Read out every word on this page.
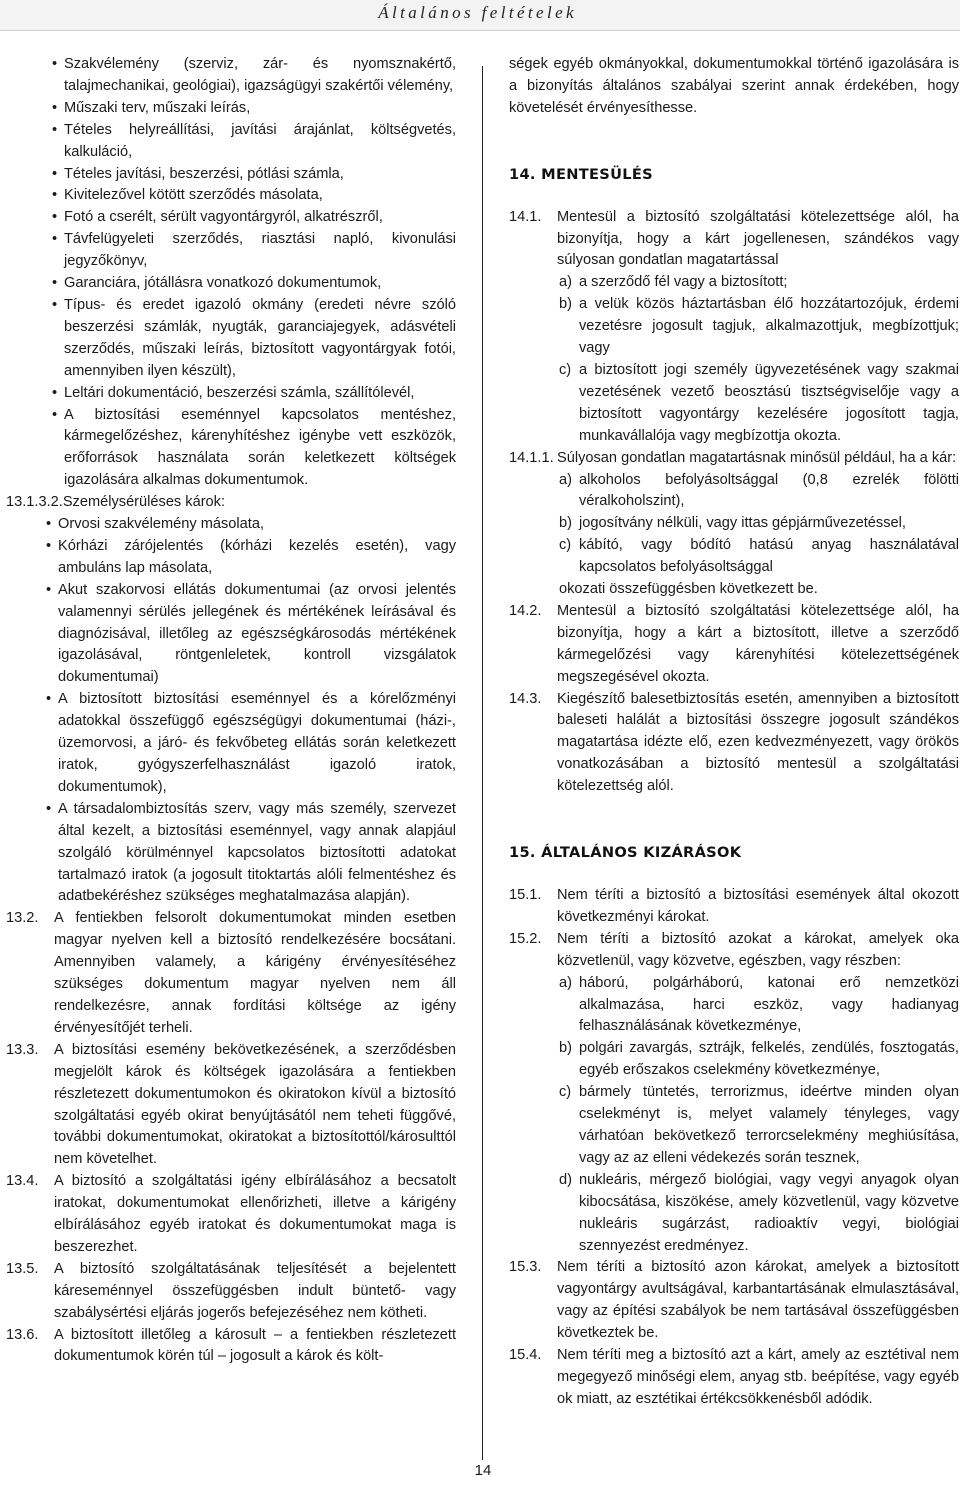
Általános feltételek
• Szakvélemény (szerviz, zár- és nyomsznakértő, talajmechanikai, geológiai), igazságügyi szakértői vélemény,
• Műszaki terv, műszaki leírás,
• Tételes helyreállítási, javítási árajánlat, költségvetés, kalkuláció,
• Tételes javítási, beszerzési, pótlási számla,
• Kivitelezővel kötött szerződés másolata,
• Fotó a cserélt, sérült vagyontárgyról, alkatrészről,
• Távfelügyeleti szerződés, riasztási napló, kivonulási jegyzőkönyv,
• Garanciára, jótállásra vonatkozó dokumentumok,
• Típus- és eredet igazoló okmány (eredeti névre szóló beszerzési számlák, nyugták, garanciajegyek, adásvételi szerződés, műszaki leírás, biztosított vagyontárgyak fotói, amennyiben ilyen készült),
• Leltári dokumentáció, beszerzési számla, szállítólevél,
• A biztosítási eseménnyel kapcsolatos mentéshez, kármegelőzéshez, kárenyhítéshez igénybe vett eszközök, erőforrások használata során keletkezett költségek igazolására alkalmas dokumentumok.
13.1.3.2. Személysérüléses károk:
• Orvosi szakvélemény másolata,
• Kórházi zárójelentés (kórházi kezelés esetén), vagy ambuláns lap másolata,
• Akut szakorvosi ellátás dokumentumai (az orvosi jelentés valamennyi sérülés jellegének és mértékének leírásával és diagnózisával, illetőleg az egészségkárosodás mértékének igazolásával, röntgenleletek, kontroll vizsgálatok dokumentumai)
• A biztosított biztosítási eseménnyel és a kórelőzményi adatokkal összefüggő egészségügyi dokumentumai (házi-, üzemorvosi, a járó- és fekvőbeteg ellátás során keletkezett iratok, gyógyszerfelhasználást igazoló iratok, dokumentumok),
• A társadalombiztosítás szerv, vagy más személy, szervezet által kezelt, a biztosítási eseménnyel, vagy annak alapjául szolgáló körülménnyel kapcsolatos biztosítotti adatokat tartalmazó iratok (a jogosult titoktartás alóli felmentéshez és adatbekéréshez szükséges meghatalmazása alapján).
13.2.	A fentiekben felsorolt dokumentumokat minden esetben magyar nyelven kell a biztosító rendelkezésére bocsátani. Amennyiben valamely, a kárigény érvényesítéséhez szükséges dokumentum magyar nyelven nem áll rendelkezésre, annak fordítási költsége az igény érvényesítőjét terheli.
13.3.	A biztosítási esemény bekövetkezésének, a szerződésben megjelölt károk és költségek igazolására a fentiekben részletezett dokumentumokon és okiratokon kívül a biztosító szolgáltatási egyéb okirat benyújtásától nem teheti függővé, további dokumentumokat, okiratokat a biztosítottól/károsulttól nem követelhet.
13.4.	A biztosító a szolgáltatási igény elbírálásához a becsatolt iratokat, dokumentumokat ellenőrizheti, illetve a kárigény elbírálásához egyéb iratokat és dokumentumokat maga is beszerezhet.
13.5.	A biztosító szolgáltatásának teljesítését a bejelentett káreseménnyel összefüggésben indult büntető- vagy szabálysértési eljárás jogerős befejezéséhez nem kötheti.
13.6.	A biztosított illetőleg a károsult – a fentiekben részletezett dokumentumok körén túl – jogosult a károk és költ-
ségek egyéb okmányokkal, dokumentumokkal történő igazolására is a bizonyítás általános szabályai szerint annak érdekében, hogy követelését érvényesíthesse.
14. MENTESÜLÉS
14.1.	Mentesül a biztosító szolgáltatási kötelezettsége alól, ha bizonyítja, hogy a kárt jogellenesen, szándékos vagy súlyosan gondatlan magatartással
a) a szerződő fél vagy a biztosított;
b) a velük közös háztartásban élő hozzátartozójuk, érdemi vezetésre jogosult tagjuk, alkalmazottjuk, megbízottjuk; vagy
c) a biztosított jogi személy ügyvezetésének vagy szakmai vezetésének vezető beosztású tisztségviselője vagy a biztosított vagyontárgy kezelésére jogosított tagja, munkavállalója vagy megbízottja okozta.
14.1.1. Súlyosan gondatlan magatartásnak minősül például, ha a kár:
a) alkoholos befolyásoltsággal (0,8 ezrelék fölötti véralkoholszint),
b) jogosítvány nélküli, vagy ittas gépjárművezetéssel,
c) kábító, vagy bódító hatású anyag használatával kapcsolatos befolyásoltsággal
okozati összefüggésben következett be.
14.2.	Mentesül a biztosító szolgáltatási kötelezettsége alól, ha bizonyítja, hogy a kárt a biztosított, illetve a szerződő kármegelőzési vagy kárenyhítési kötelezettségének megszegésével okozta.
14.3.	Kiegészítő balesetbiztosítás esetén, amennyiben a biztosított baleseti halálát a biztosítási összegre jogosult szándékos magatartása idézte elő, ezen kedvezményezett, vagy örökös vonatkozásában a biztosító mentesül a szolgáltatási kötelezettség alól.
15. ÁLTALÁNOS KIZÁRÁSOK
15.1.	Nem téríti a biztosító a biztosítási események által okozott következményi károkat.
15.2.	Nem téríti a biztosító azokat a károkat, amelyek oka közvetlenül, vagy közvetve, egészben, vagy részben:
a) háború, polgárháború, katonai erő nemzetközi alkalmazása, harci eszköz, vagy hadianyag felhasználásának következménye,
b) polgári zavargás, sztrájk, felkelés, zendülés, fosztogatás, egyéb erőszakos cselekmény következménye,
c) bármely tüntetés, terrorizmus, ideértve minden olyan cselekményt is, melyet valamely tényleges, vagy várhatóan bekövetkező terrorcselekmény meghiúsítása, vagy az az elleni védekezés során tesznek,
d) nukleáris, mérgező biológiai, vagy vegyi anyagok olyan kibocsátása, kiszökése, amely közvetlenül, vagy közvetve nukleáris sugárzást, radioaktív vegyi, biológiai szennyezést eredményez.
15.3.	Nem téríti a biztosító azon károkat, amelyek a biztosított vagyontárgy avultságával, karbantartásának elmulasztásával, vagy az építési szabályok be nem tartásával összefüggésben következtek be.
15.4.	Nem téríti meg a biztosító azt a kárt, amely az esztétival nem megegyező minőségi elem, anyag stb. beépítése, vagy egyéb ok miatt, az esztétikai értékcsökkenésből adódik.
14
